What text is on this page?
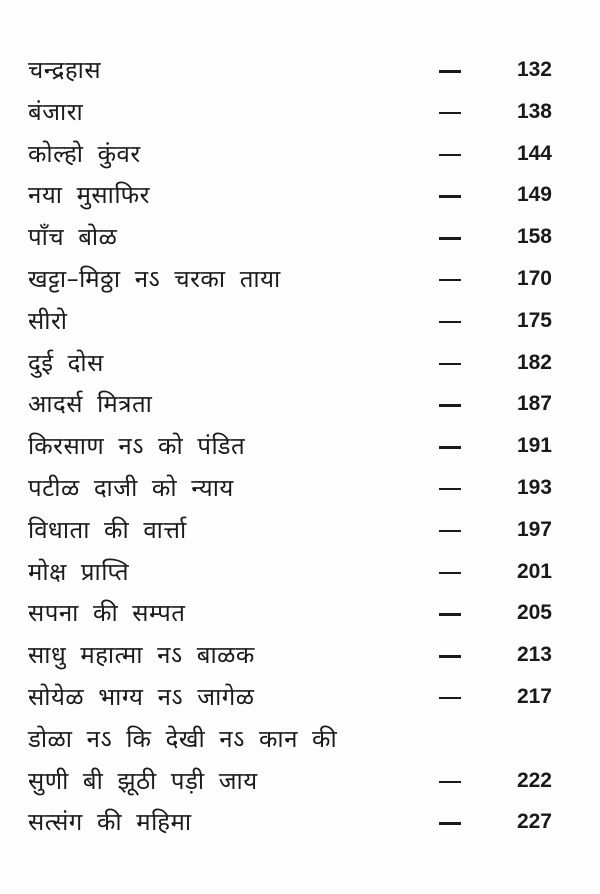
चन्द्रहास	132
बंजारा	138
कोल्हो कुंवर	144
नया मुसाफिर	149
पाँच बोळ	158
खट्टा–मिठ्ठा नऽ चरका ताया	170
सीरो	175
दुई दोस	182
आदर्स मित्रता	187
किरसाण नऽ को पंडित	191
पटीळ दाजी को न्याय	193
विधाता की वार्त्ता	197
मोक्ष प्राप्ति	201
सपना की सम्पत	205
साधु महात्मा नऽ बाळक	213
सोयेळ भाग्य नऽ जागेळ	217
डोळा नऽ कि देखी नऽ कान की
सुणी बी झूठी पड़ी जाय	222
सत्संग की महिमा	227
